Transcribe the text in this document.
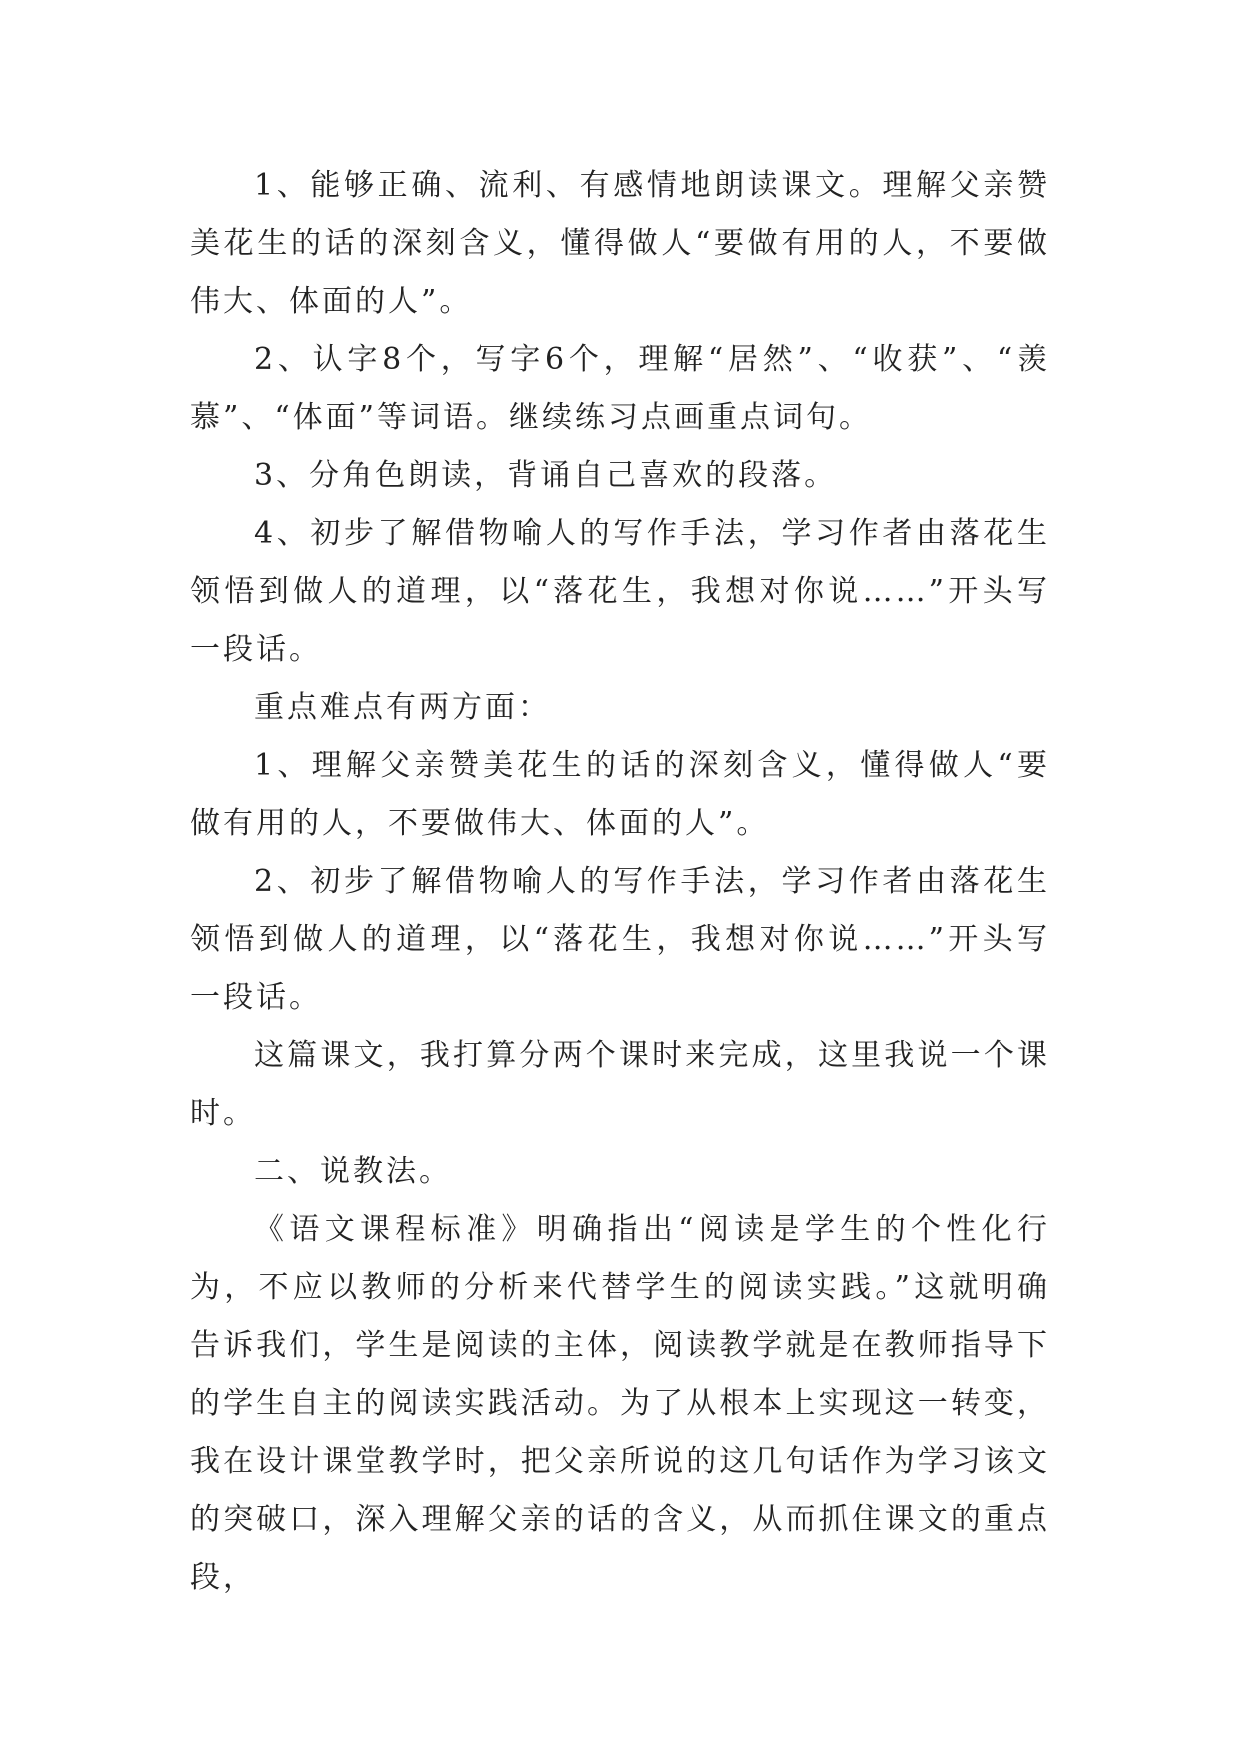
1、能够正确、流利、有感情地朗读课文。理解父亲赞美花生的话的深刻含义，懂得做人“要做有用的人，不要做伟大、体面的人”。

2、认字8个，写字6个，理解“居然”、“收获”、“羡慕”、“体面”等词语。继续练习点画重点词句。

3、分角色朗读，背诵自己喜欢的段落。

4、初步了解借物喻人的写作手法，学习作者由落花生领悟到做人的道理，以“落花生，我想对你说……”开头写一段话。

重点难点有两方面：

1、理解父亲赞美花生的话的深刻含义，懂得做人“要做有用的人，不要做伟大、体面的人”。

2、初步了解借物喻人的写作手法，学习作者由落花生领悟到做人的道理，以“落花生，我想对你说……”开头写一段话。

这篇课文，我打算分两个课时来完成，这里我说一个课时。

二、说教法。

《语文课程标准》明确指出“阅读是学生的个性化行为，不应以教师的分析来代替学生的阅读实践。”这就明确告诉我们，学生是阅读的主体，阅读教学就是在教师指导下的学生自主的阅读实践活动。为了从根本上实现这一转变，我在设计课堂教学时，把父亲所说的这几句话作为学习该文的突破口，深入理解父亲的话的含义，从而抓住课文的重点段，
